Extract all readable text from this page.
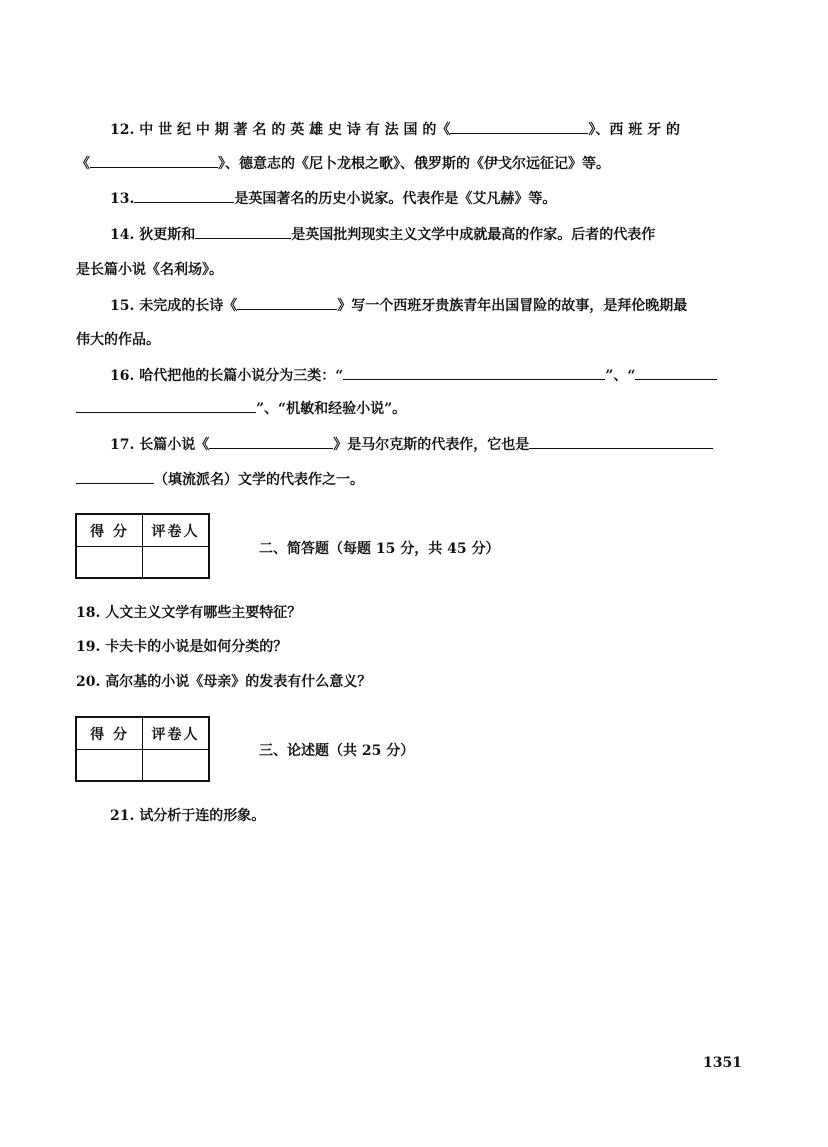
12. 中 世 纪 中 期 著 名 的 英 雄 史 诗 有 法 国 的《	》、西 班 牙 的
《	》、德意志的《尼卜龙根之歌》、俄罗斯的《伊戈尔远征记》等。
13.	是英国著名的历史小说家。代表作是《艾凡赫》等。
14. 狄更斯和	是英国批判现实主义文学中成就最高的作家。后者的代表作
是长篇小说《名利场》。
15. 未完成的长诗《	》写一个西班牙贵族青年出国冒险的故事，是拜伦晚期最
伟大的作品。
16. 哈代把他的长篇小说分为三类：“	”、“
”、“机敏和经验小说”。
17. 长篇小说《	》是马尔克斯的代表作，它也是
（填流派名）文学的代表作之一。
得 分	评卷人
二、简答题（每题 15 分，共 45 分）
18. 人文主义文学有哪些主要特征？
19. 卡夫卡的小说是如何分类的？
20. 高尔基的小说《母亲》的发表有什么意义？
得 分	评卷人
三、论述题（共 25 分）
21. 试分析于连的形象。
1351
